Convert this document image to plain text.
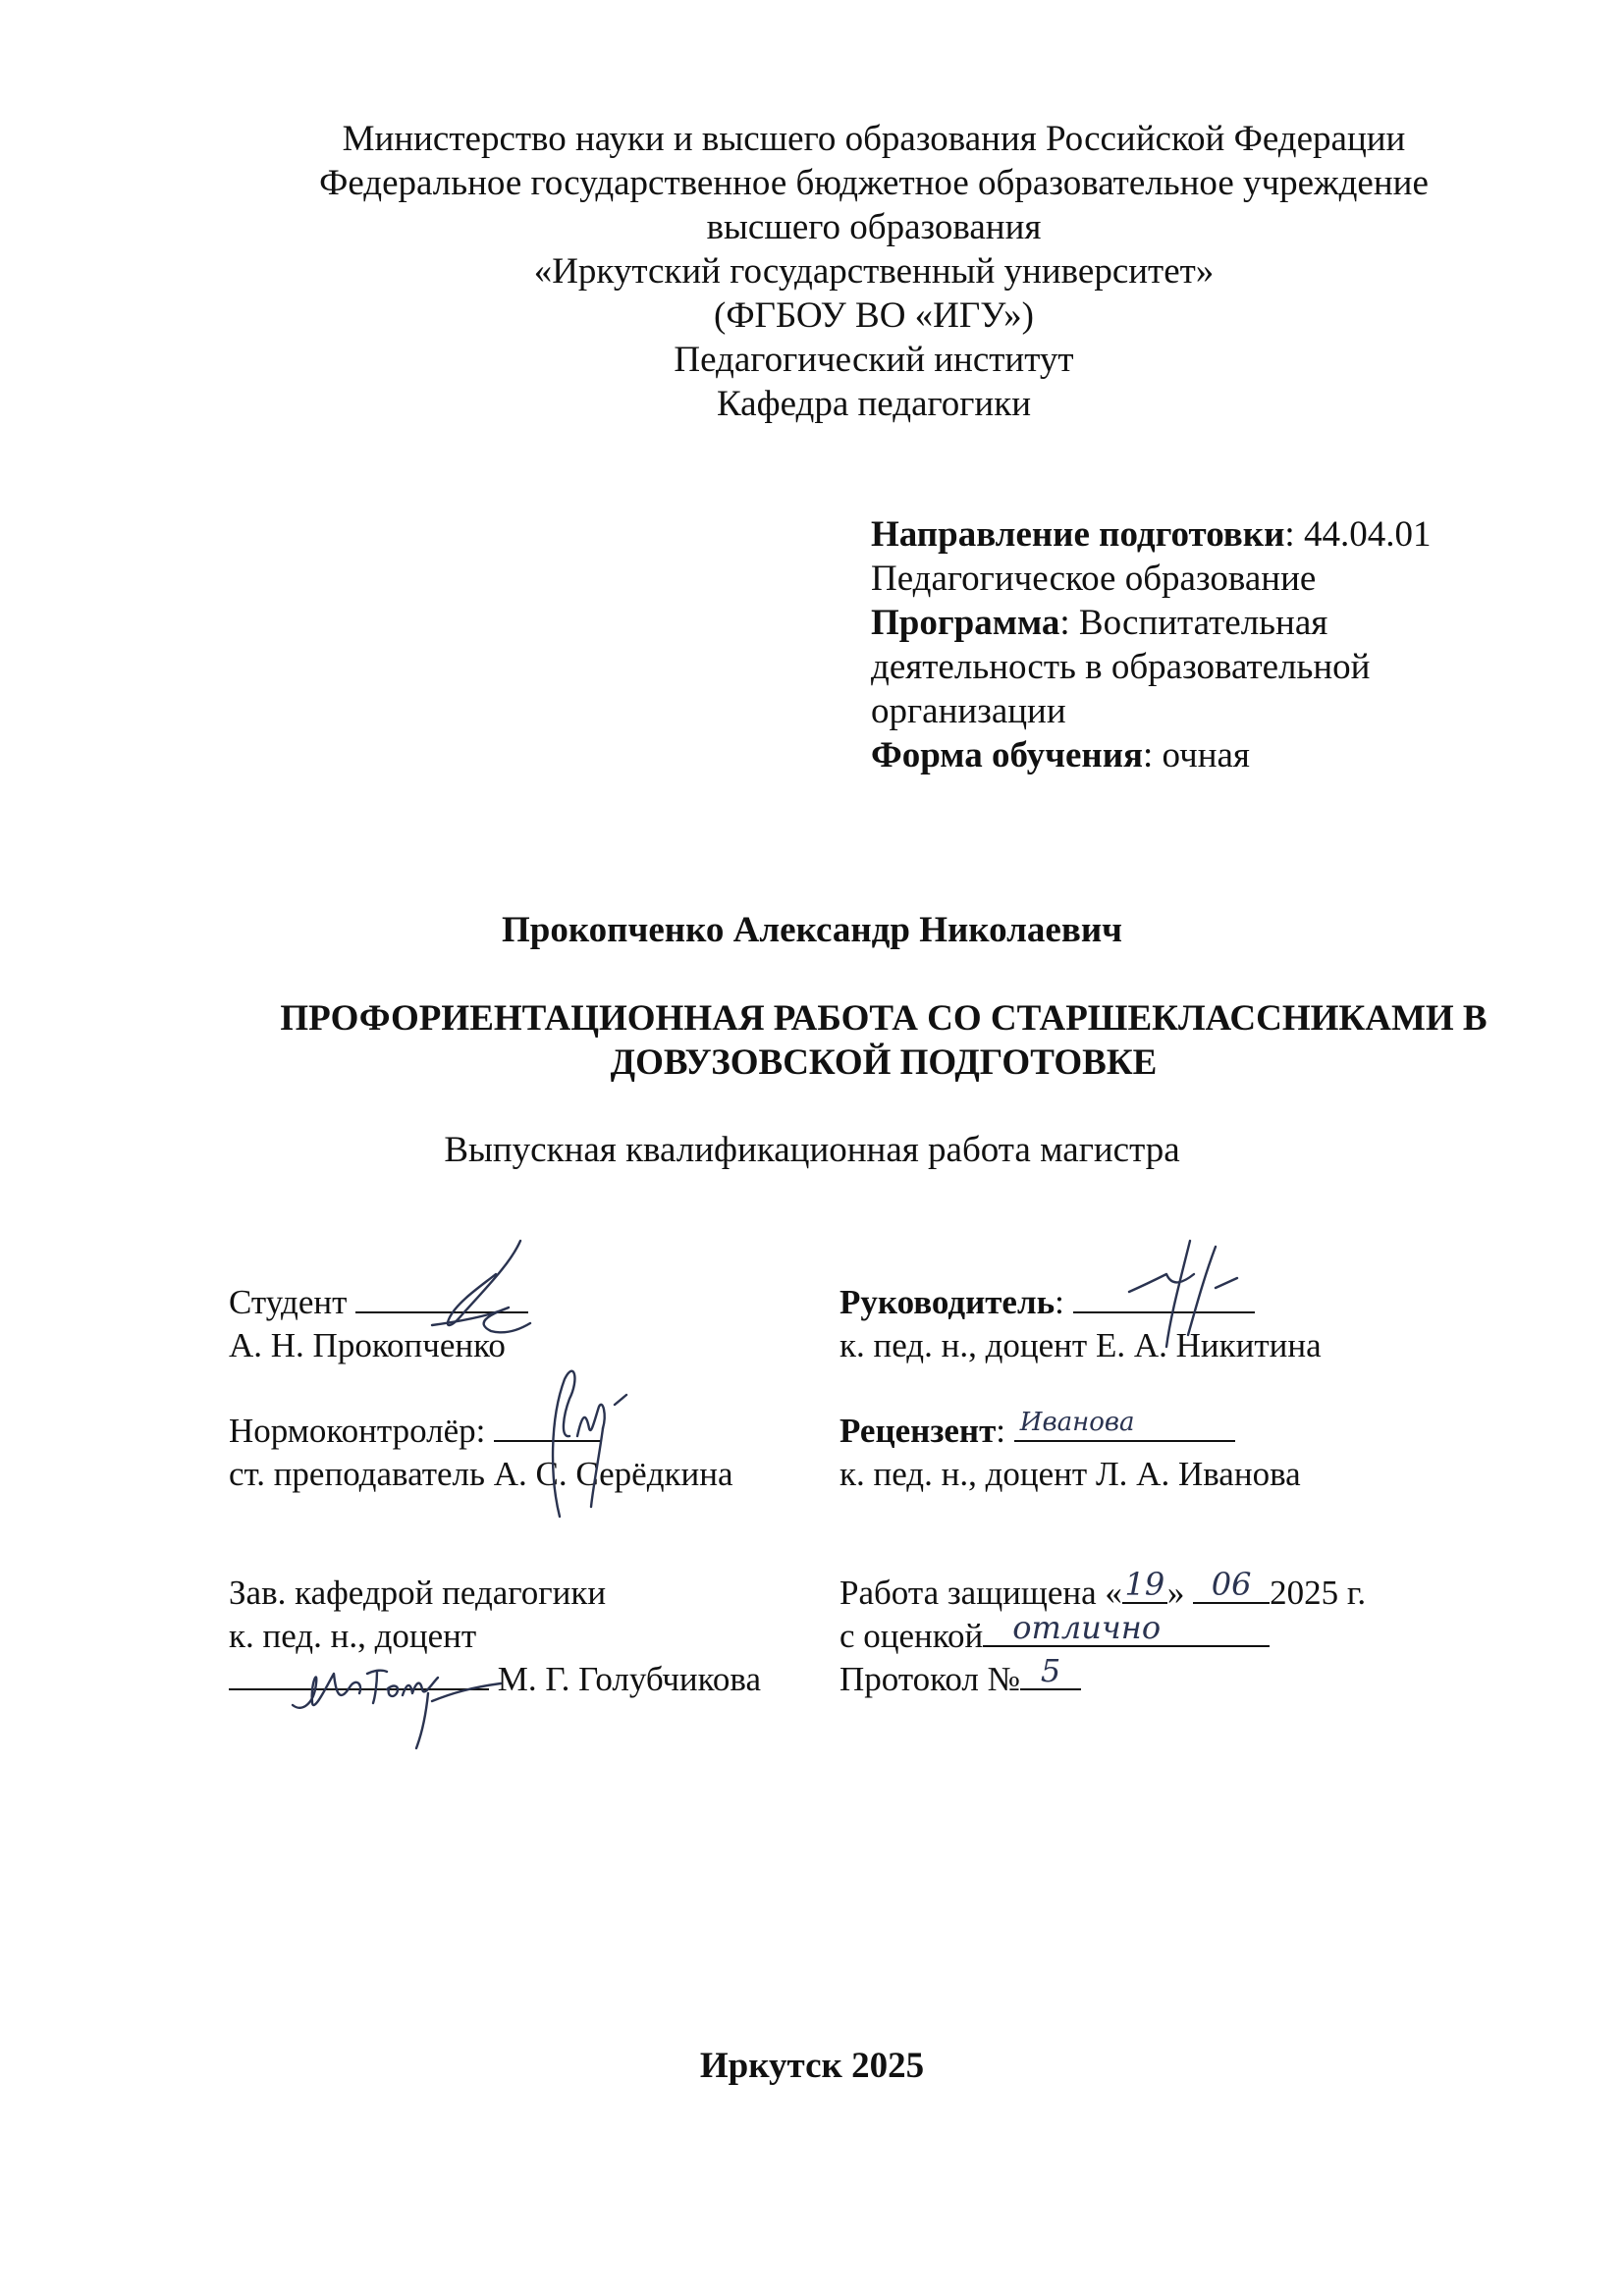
Министерство науки и высшего образования Российской Федерации
Федеральное государственное бюджетное образовательное учреждение
высшего образования
«Иркутский государственный университет»
(ФГБОУ ВО «ИГУ»)
Педагогический институт
Кафедра педагогики
Направление подготовки: 44.04.01
Педагогическое образование
Программа: Воспитательная
деятельность в образовательной
организации
Форма обучения: очная
Прокопченко Александр Николаевич
ПРОФОРИЕНТАЦИОННАЯ РАБОТА СО СТАРШЕКЛАССНИКАМИ В
ДОВУЗОВСКОЙ ПОДГОТОВКЕ
Выпускная квалификационная работа магистра
Студент
А. Н. Прокопченко
Нормоконтролёр:
ст. преподаватель А. С. Серёдкина
Зав. кафедрой педагогики
к. пед. н., доцент
М. Г. Голубчикова
Руководитель:
к. пед. н., доцент Е. А. Никитина
Рецензент: Иванова
к. пед. н., доцент Л. А. Иванова
Работа защищена « 19 » 06 2025 г.
с оценкой отлично
Протокол № 5
Иркутск 2025
